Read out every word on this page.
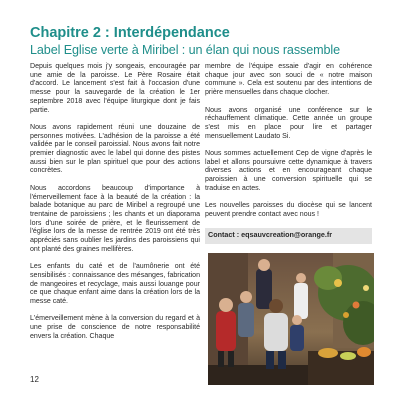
Chapitre 2 : Interdépendance
Label Eglise verte à Miribel : un élan qui nous rassemble

Depuis quelques mois j'y songeais, encouragée par une amie de la paroisse. Le Père Rosaire était d'accord. Le lancement s'est fait à l'occasion d'une messe pour la sauvegarde de la création le 1er septembre 2018 avec l'équipe liturgique dont je fais partie.

Nous avons rapidement réuni une douzaine de personnes motivées. L'adhésion de la paroisse a été validée par le conseil paroissial. Nous avons fait notre premier diagnostic avec le label qui donne des pistes aussi bien sur le plan spirituel que pour des actions concrètes.

Nous accordons beaucoup d'importance à l'émerveillement face à la beauté de la création : la balade botanique au parc de Miribel a regroupé une trentaine de paroissiens ; les chants et un diaporama lors d'une soirée de prière, et le fleurissement de l'église lors de la messe de rentrée 2019 ont été très appréciés sans oublier les jardins des paroissiens qui ont planté des graines mellifères.

Les enfants du caté et de l'aumônerie ont été sensibilisés : connaissance des mésanges, fabrication de mangeoires et recyclage, mais aussi louange pour ce que chaque enfant aime dans la création lors de la messe caté.

L'émerveillement mène à la conversion du regard et à une prise de conscience de notre responsabilité envers la création. Chaque

membre de l'équipe essaie d'agir en cohérence chaque jour avec son souci de « notre maison commune ». Cela est soutenu par des intentions de prière mensuelles dans chaque clocher.

Nous avons organisé une conférence sur le réchauffement climatique. Cette année un groupe s'est mis en place pour lire et partager mensuellement Laudato Si.

Nous sommes actuellement Cep de vigne d'après le label et allons poursuivre cette dynamique à travers diverses actions et en encourageant chaque paroissien à une conversion spirituelle qui se traduise en actes.

Les nouvelles paroisses du diocèse qui se lancent peuvent prendre contact avec nous !

Contact : eqsauvcreation@orange.fr
12
